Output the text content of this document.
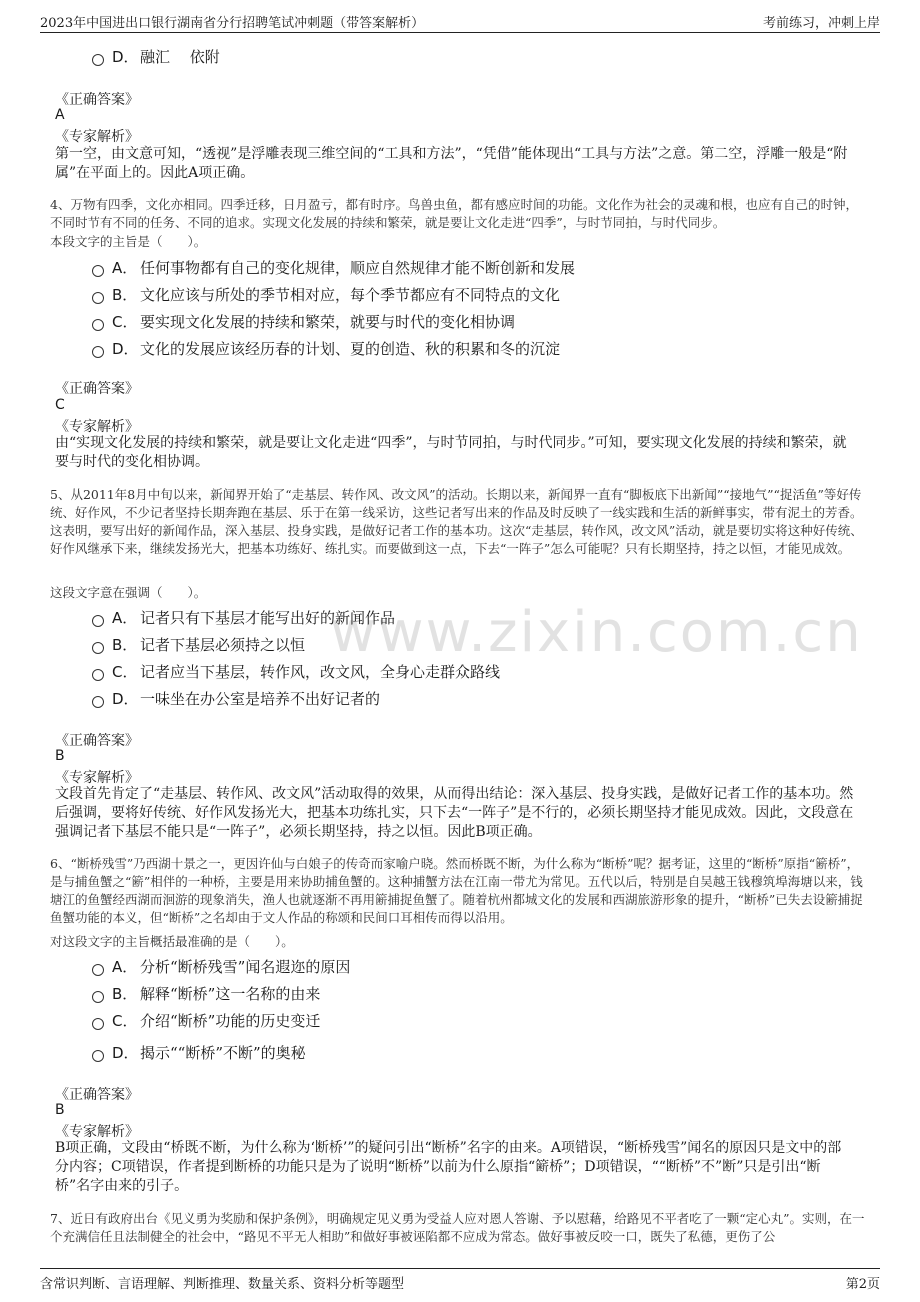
2023年中国进出口银行湖南省分行招聘笔试冲刺题（带答案解析）	考前练习，冲刺上岸
www.zixin.com.cn
D．融汇　 依附
《正确答案》
A
《专家解析》
第一空，由文意可知，“透视”是浮雕表现三维空间的“工具和方法”，“凭借”能体现出“工具与方法”之意。第二空，浮雕一般是“附属”在平面上的。因此A项正确。
4、万物有四季，文化亦相同。四季迁移，日月盈亏，都有时序。鸟兽虫鱼，都有感应时间的功能。文化作为社会的灵魂和根，也应有自己的时钟，不同时节有不同的任务、不同的追求。实现文化发展的持续和繁荣，就是要让文化走进“四季”，与时节同拍，与时代同步。
本段文字的主旨是（　　）。
A． 任何事物都有自己的变化规律，顺应自然规律才能不断创新和发展
B． 文化应该与所处的季节相对应，每个季节都应有不同特点的文化
C． 要实现文化发展的持续和繁荣，就要与时代的变化相协调
D．文化的发展应该经历春的计划、夏的创造、秋的积累和冬的沉淀
《正确答案》
C
《专家解析》
由“实现文化发展的持续和繁荣，就是要让文化走进“四季”，与时节同拍，与时代同步。”可知，要实现文化发展的持续和繁荣，就要与时代的变化相协调。
5、从2011年8月中旬以来，新闻界开始了“走基层、转作风、改文风”的活动。长期以来，新闻界一直有“脚板底下出新闻”“接地气”“捉活鱼”等好传统、好作风，不少记者坚持长期奔跑在基层、乐于在第一线采访，这些记者写出来的作品及时反映了一线实践和生活的新鲜事实，带有泥土的芳香。这表明，要写出好的新闻作品，深入基层、投身实践，是做好记者工作的基本功。这次“走基层，转作风，改文风”活动，就是要切实将这种好传统、好作风继承下来，继续发扬光大，把基本功练好、练扎实。而要做到这一点，下去“一阵子”怎么可能呢？只有长期坚持，持之以恒，才能见成效。
这段文字意在强调（　　）。
A． 记者只有下基层才能写出好的新闻作品
B． 记者下基层必须持之以恒
C． 记者应当下基层，转作风，改文风，全身心走群众路线
D．一味坐在办公室是培养不出好记者的
《正确答案》
B
《专家解析》
文段首先肯定了“走基层、转作风、改文风”活动取得的效果，从而得出结论：深入基层、投身实践，是做好记者工作的基本功。然后强调，要将好传统、好作风发扬光大，把基本功练扎实，只下去“一阵子”是不行的，必须长期坚持才能见成效。因此，文段意在强调记者下基层不能只是“一阵子”，必须长期坚持，持之以恒。因此B项正确。
6、“断桥残雪”乃西湖十景之一，更因许仙与白娘子的传奇而家喻户晓。然而桥既不断，为什么称为“断桥”呢？据考证，这里的“断桥”原指“簖桥”，是与捕鱼蟹之“簖”相伴的一种桥，主要是用来协助捕鱼蟹的。这种捕蟹方法在江南一带尤为常见。五代以后，特别是自吴越王钱穆筑埠海塘以来，钱塘江的鱼蟹经西湖而洄游的现象消失，渔人也就逐渐不再用簖捕捉鱼蟹了。随着杭州都城文化的发展和西湖旅游形象的提升，“断桥”已失去设簖捕捉鱼蟹功能的本义，但“断桥”之名却由于文人作品的称颂和民间口耳相传而得以沿用。
对这段文字的主旨概括最准确的是（　　）。
A． 分析“断桥残雪”闻名遐迩的原因
B． 解释“断桥”这一名称的由来
C． 介绍“断桥”功能的历史变迁
D．揭示““断桥”不断”的奥秘
《正确答案》
B
《专家解析》
B项正确，文段由“桥既不断，为什么称为‘断桥’”的疑问引出“断桥”名字的由来。A项错误，“断桥残雪”闻名的原因只是文中的部分内容；C项错误，作者提到断桥的功能只是为了说明“断桥”以前为什么原指“簖桥”；D项错误，““断桥”不”断”只是引出“断桥”名字由来的引子。
7、近日有政府出台《见义勇为奖励和保护条例》，明确规定见义勇为受益人应对恩人答谢、予以慰藉，给路见不平者吃了一颗“定心丸”。实则，在一个充满信任且法制健全的社会中，“路见不平无人相助”和做好事被诬陷都不应成为常态。做好事被反咬一口，既失了私德，更伤了公
含常识判断、言语理解、判断推理、数量关系、资料分析等题型	第2页
